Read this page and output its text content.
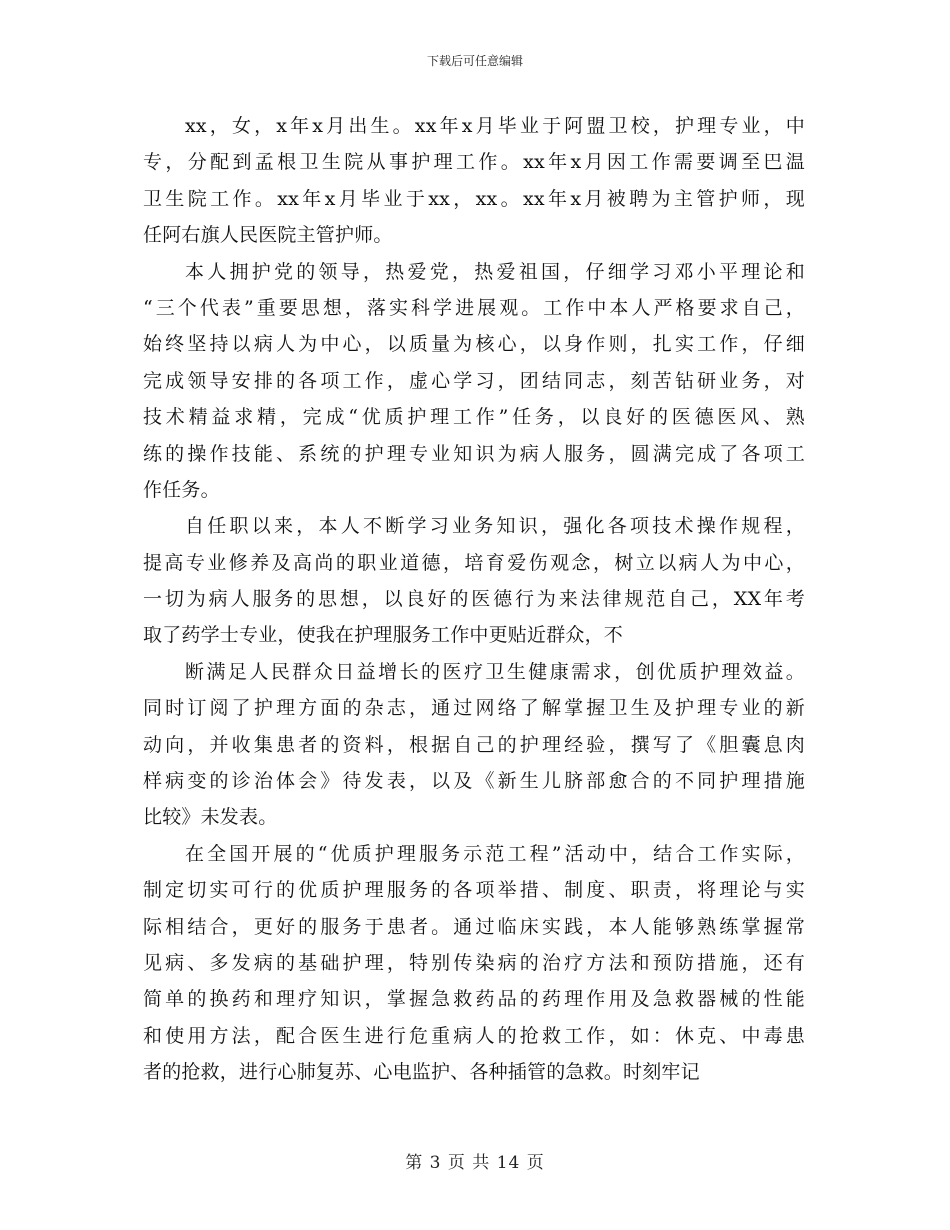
下载后可任意编辑
xx，女，x年x月出生。xx年x月毕业于阿盟卫校，护理专业，中
专，分配到孟根卫生院从事护理工作。xx年x月因工作需要调至巴温
卫生院工作。xx年x月毕业于xx，xx。xx年x月被聘为主管护师，现
任阿右旗人民医院主管护师。
本人拥护党的领导，热爱党，热爱祖国，仔细学习邓小平理论和
“三个代表”重要思想，落实科学进展观。工作中本人严格要求自己，
始终坚持以病人为中心，以质量为核心，以身作则，扎实工作，仔细
完成领导安排的各项工作，虚心学习，团结同志，刻苦钻研业务，对
技术精益求精，完成“优质护理工作”任务，以良好的医德医风、熟
练的操作技能、系统的护理专业知识为病人服务，圆满完成了各项工
作任务。
自任职以来，本人不断学习业务知识，强化各项技术操作规程，
提高专业修养及高尚的职业道德，培育爱伤观念，树立以病人为中心，
一切为病人服务的思想，以良好的医德行为来法律规范自己，XX年考
取了药学士专业，使我在护理服务工作中更贴近群众，不
断满足人民群众日益增长的医疗卫生健康需求，创优质护理效益。
同时订阅了护理方面的杂志，通过网络了解掌握卫生及护理专业的新
动向，并收集患者的资料，根据自己的护理经验，撰写了《胆囊息肉
样病变的诊治体会》待发表，以及《新生儿脐部愈合的不同护理措施
比较》未发表。
在全国开展的“优质护理服务示范工程”活动中，结合工作实际，
制定切实可行的优质护理服务的各项举措、制度、职责，将理论与实
际相结合，更好的服务于患者。通过临床实践，本人能够熟练掌握常
见病、多发病的基础护理，特别传染病的治疗方法和预防措施，还有
简单的换药和理疗知识，掌握急救药品的药理作用及急救器械的性能
和使用方法，配合医生进行危重病人的抢救工作，如：休克、中毒患
者的抢救，进行心肺复苏、心电监护、各种插管的急救。时刻牢记
第 3 页 共 14 页
